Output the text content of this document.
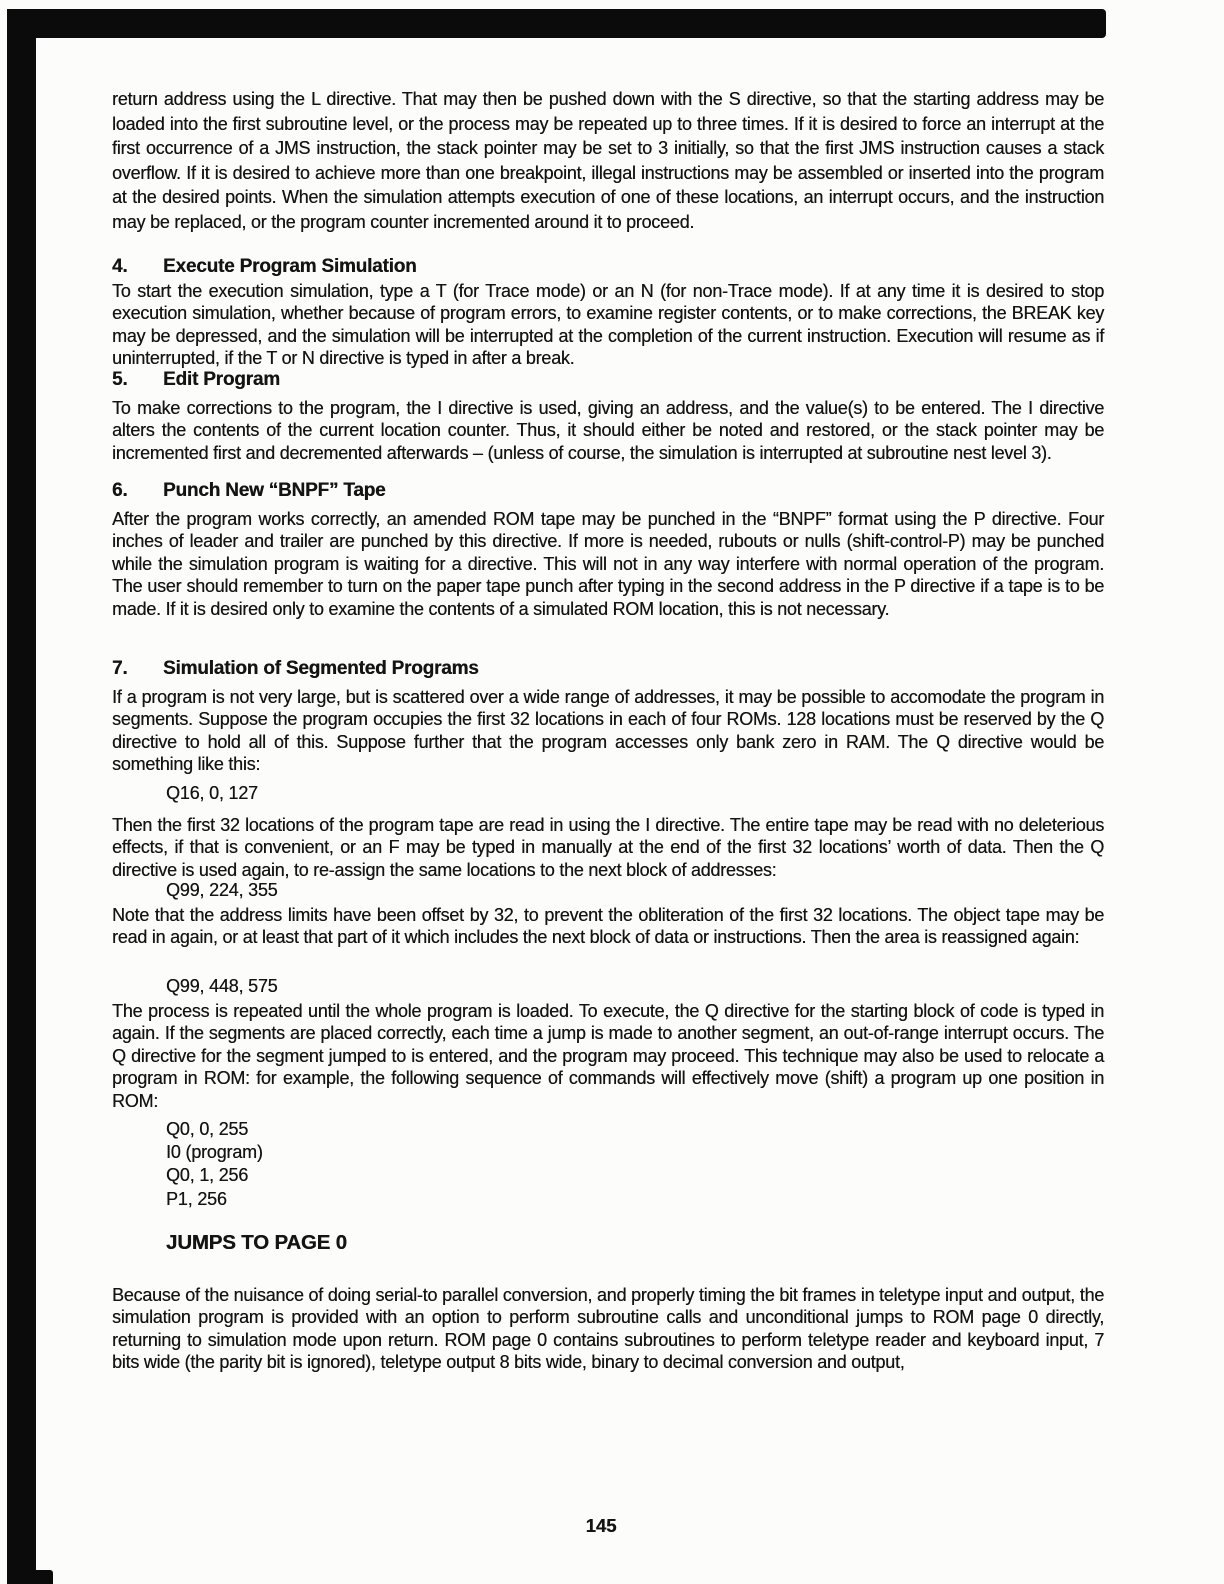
return address using the L directive. That may then be pushed down with the S directive, so that the starting address may be loaded into the first subroutine level, or the process may be repeated up to three times. If it is desired to force an interrupt at the first occurrence of a JMS instruction, the stack pointer may be set to 3 initially, so that the first JMS instruction causes a stack overflow. If it is desired to achieve more than one breakpoint, illegal instructions may be assembled or inserted into the program at the desired points. When the simulation attempts execution of one of these locations, an interrupt occurs, and the instruction may be replaced, or the program counter incremented around it to proceed.
4. Execute Program Simulation
To start the execution simulation, type a T (for Trace mode) or an N (for non-Trace mode). If at any time it is desired to stop execution simulation, whether because of program errors, to examine register contents, or to make corrections, the BREAK key may be depressed, and the simulation will be interrupted at the completion of the current instruction. Execution will resume as if uninterrupted, if the T or N directive is typed in after a break.
5. Edit Program
To make corrections to the program, the I directive is used, giving an address, and the value(s) to be entered. The I directive alters the contents of the current location counter. Thus, it should either be noted and restored, or the stack pointer may be incremented first and decremented afterwards – (unless of course, the simulation is interrupted at subroutine nest level 3).
6. Punch New “BNPF” Tape
After the program works correctly, an amended ROM tape may be punched in the “BNPF” format using the P directive. Four inches of leader and trailer are punched by this directive. If more is needed, rubouts or nulls (shift-control-P) may be punched while the simulation program is waiting for a directive. This will not in any way interfere with normal operation of the program. The user should remember to turn on the paper tape punch after typing in the second address in the P directive if a tape is to be made. If it is desired only to examine the contents of a simulated ROM location, this is not necessary.
7. Simulation of Segmented Programs
If a program is not very large, but is scattered over a wide range of addresses, it may be possible to accomodate the program in segments. Suppose the program occupies the first 32 locations in each of four ROMs. 128 locations must be reserved by the Q directive to hold all of this. Suppose further that the program accesses only bank zero in RAM. The Q directive would be something like this:
Q16, 0, 127
Then the first 32 locations of the program tape are read in using the I directive. The entire tape may be read with no deleterious effects, if that is convenient, or an F may be typed in manually at the end of the first 32 locations’ worth of data. Then the Q directive is used again, to re-assign the same locations to the next block of addresses:
Q99, 224, 355
Note that the address limits have been offset by 32, to prevent the obliteration of the first 32 locations. The object tape may be read in again, or at least that part of it which includes the next block of data or instructions. Then the area is reassigned again:
Q99, 448, 575
The process is repeated until the whole program is loaded. To execute, the Q directive for the starting block of code is typed in again. If the segments are placed correctly, each time a jump is made to another segment, an out-of-range interrupt occurs. The Q directive for the segment jumped to is entered, and the program may proceed. This technique may also be used to relocate a program in ROM: for example, the following sequence of commands will effectively move (shift) a program up one position in ROM:
Q0, 0, 255
I0 (program)
Q0, 1, 256
P1, 256
JUMPS TO PAGE 0
Because of the nuisance of doing serial-to parallel conversion, and properly timing the bit frames in teletype input and output, the simulation program is provided with an option to perform subroutine calls and unconditional jumps to ROM page 0 directly, returning to simulation mode upon return. ROM page 0 contains subroutines to perform teletype reader and keyboard input, 7 bits wide (the parity bit is ignored), teletype output 8 bits wide, binary to decimal conversion and output,
145
